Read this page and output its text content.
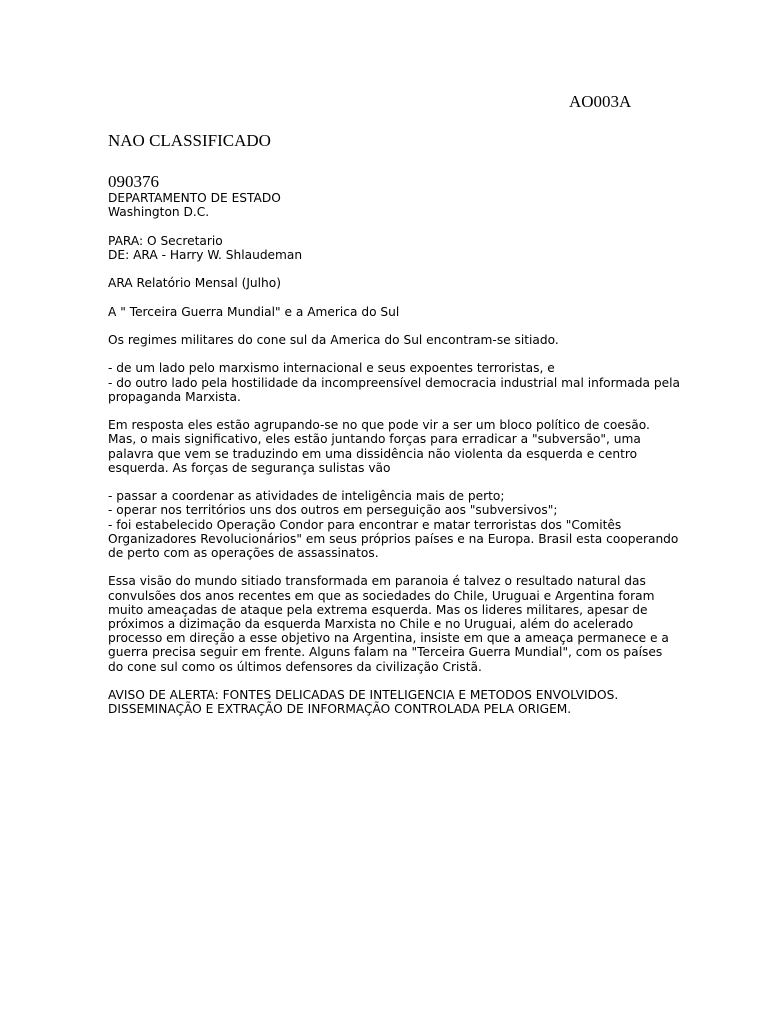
AO003A
NAO CLASSIFICADO
090376
DEPARTAMENTO DE ESTADO
Washington D.C.
PARA: O Secretario
DE: ARA - Harry W. Shlaudeman
ARA Relatório Mensal (Julho)
A " Terceira Guerra Mundial" e a America do Sul
Os regimes militares do cone sul da America do Sul encontram-se sitiado.
- de um lado pelo marxismo internacional e seus expoentes terroristas, e
- do outro lado pela hostilidade da incompreensível democracia industrial mal informada pela
propaganda Marxista.
Em resposta eles estão agrupando-se no que pode vir a ser um bloco político de coesão.
Mas, o mais significativo, eles estão juntando forças para erradicar a "subversão", uma
palavra que vem se traduzindo em uma dissidência não violenta da esquerda e centro
esquerda. As forças de segurança sulistas vão
- passar a coordenar as atividades de inteligência mais de perto;
- operar nos territórios uns dos outros em perseguição aos "subversivos";
- foi estabelecido Operação Condor para encontrar e matar terroristas dos "Comitês
Organizadores Revolucionários" em seus próprios países e na Europa. Brasil esta cooperando
de perto com as operações de assassinatos.
Essa visão do mundo sitiado transformada em paranoia é talvez o resultado natural das
convulsões dos anos recentes em que as sociedades do Chile, Uruguai e Argentina foram
muito ameaçadas de ataque pela extrema esquerda. Mas os lideres militares, apesar de
próximos a dizimação da esquerda Marxista no Chile e no Uruguai, além do acelerado
processo em direção a esse objetivo na Argentina, insiste em que a ameaça permanece e a
guerra precisa seguir em frente. Alguns falam na "Terceira Guerra Mundial", com os países
do cone sul como os últimos defensores da civilização Cristã.
AVISO DE ALERTA: FONTES DELICADAS DE INTELIGENCIA E METODOS ENVOLVIDOS.
DISSEMINAÇÃO E EXTRAÇÃO DE INFORMAÇÃO CONTROLADA PELA ORIGEM.
